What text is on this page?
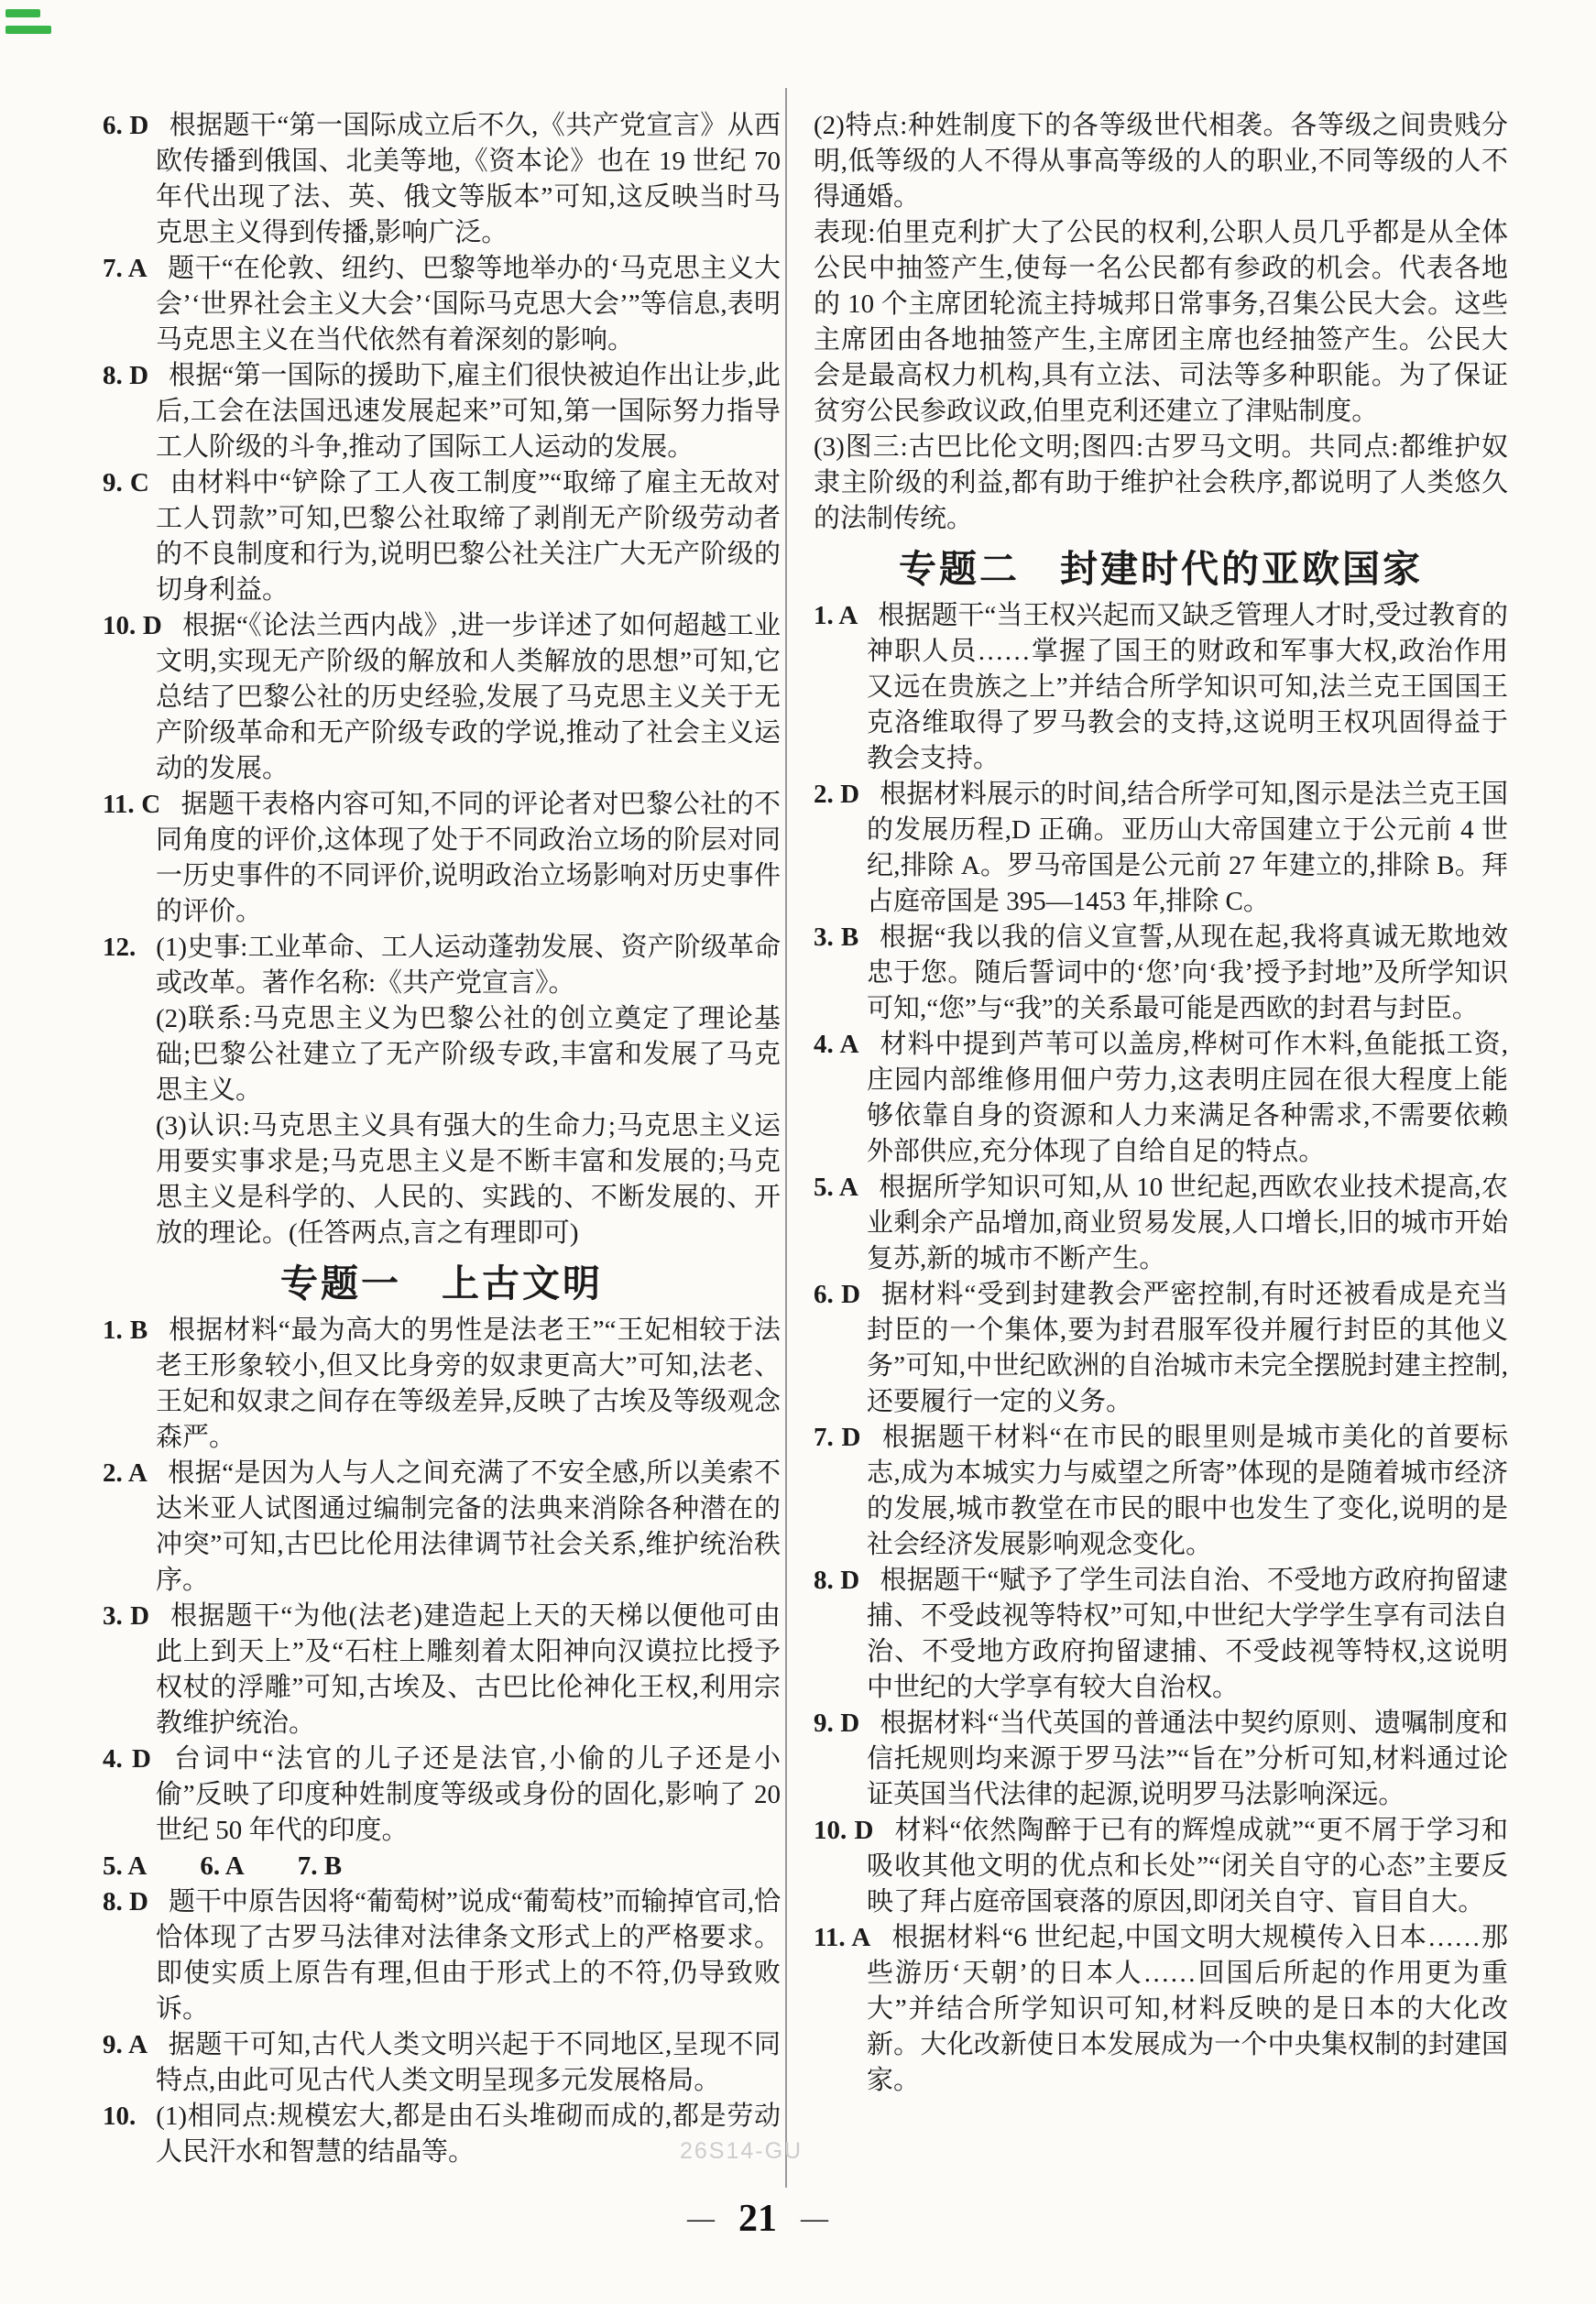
6. D 根据题干“第一国际成立后不久,《共产党宣言》从西欧传播到俄国、北美等地,《资本论》也在 19 世纪 70 年代出现了法、英、俄文等版本”可知,这反映当时马克思主义得到传播,影响广泛。

7. A 题干“在伦敦、纽约、巴黎等地举办的‘马克思主义大会’‘世界社会主义大会’‘国际马克思大会’”等信息,表明马克思主义在当代依然有着深刻的影响。

8. D 根据“第一国际的援助下,雇主们很快被迫作出让步,此后,工会在法国迅速发展起来”可知,第一国际努力指导工人阶级的斗争,推动了国际工人运动的发展。

9. C 由材料中“铲除了工人夜工制度”“取缔了雇主无故对工人罚款”可知,巴黎公社取缔了剥削无产阶级劳动者的不良制度和行为,说明巴黎公社关注广大无产阶级的切身利益。

10. D 根据“《论法兰西内战》,进一步详述了如何超越工业文明,实现无产阶级的解放和人类解放的思想”可知,它总结了巴黎公社的历史经验,发展了马克思主义关于无产阶级革命和无产阶级专政的学说,推动了社会主义运动的发展。

11. C 据题干表格内容可知,不同的评论者对巴黎公社的不同角度的评价,这体现了处于不同政治立场的阶层对同一历史事件的不同评价,说明政治立场影响对历史事件的评价。

12. (1)史事:工业革命、工人运动蓬勃发展、资产阶级革命或改革。著作名称:《共产党宣言》。

(2)联系:马克思主义为巴黎公社的创立奠定了理论基础;巴黎公社建立了无产阶级专政,丰富和发展了马克思主义。

(3)认识:马克思主义具有强大的生命力;马克思主义运用要实事求是;马克思主义是不断丰富和发展的;马克思主义是科学的、人民的、实践的、不断发展的、开放的理论。(任答两点,言之有理即可)

专题一　上古文明

1. B 根据材料“最为高大的男性是法老王”“王妃相较于法老王形象较小,但又比身旁的奴隶更高大”可知,法老、王妃和奴隶之间存在等级差异,反映了古埃及等级观念森严。

2. A 根据“是因为人与人之间充满了不安全感,所以美索不达米亚人试图通过编制完备的法典来消除各种潜在的冲突”可知,古巴比伦用法律调节社会关系,维护统治秩序。

3. D 根据题干“为他(法老)建造起上天的天梯以便他可由此上到天上”及“石柱上雕刻着太阳神向汉谟拉比授予权杖的浮雕”可知,古埃及、古巴比伦神化王权,利用宗教维护统治。

4. D 台词中“法官的儿子还是法官,小偷的儿子还是小偷”反映了印度种姓制度等级或身份的固化,影响了 20 世纪 50 年代的印度。

5. A 6. A 7. B

8. D 题干中原告因将“葡萄树”说成“葡萄枝”而输掉官司,恰恰体现了古罗马法律对法律条文形式上的严格要求。即使实质上原告有理,但由于形式上的不符,仍导致败诉。

9. A 据题干可知,古代人类文明兴起于不同地区,呈现不同特点,由此可见古代人类文明呈现多元发展格局。

10. (1)相同点:规模宏大,都是由石头堆砌而成的,都是劳动人民汗水和智慧的结晶等。

(2)特点:种姓制度下的各等级世代相袭。各等级之间贵贱分明,低等级的人不得从事高等级的人的职业,不同等级的人不得通婚。

表现:伯里克利扩大了公民的权利,公职人员几乎都是从全体公民中抽签产生,使每一名公民都有参政的机会。代表各地的 10 个主席团轮流主持城邦日常事务,召集公民大会。这些主席团由各地抽签产生,主席团主席也经抽签产生。公民大会是最高权力机构,具有立法、司法等多种职能。为了保证贫穷公民参政议政,伯里克利还建立了津贴制度。

(3)图三:古巴比伦文明;图四:古罗马文明。共同点:都维护奴隶主阶级的利益,都有助于维护社会秩序,都说明了人类悠久的法制传统。

专题二　封建时代的亚欧国家

1. A 根据题干“当王权兴起而又缺乏管理人才时,受过教育的神职人员……掌握了国王的财政和军事大权,政治作用又远在贵族之上”并结合所学知识可知,法兰克王国国王克洛维取得了罗马教会的支持,这说明王权巩固得益于教会支持。

2. D 根据材料展示的时间,结合所学可知,图示是法兰克王国的发展历程,D 正确。亚历山大帝国建立于公元前 4 世纪,排除 A。罗马帝国是公元前 27 年建立的,排除 B。拜占庭帝国是 395—1453 年,排除 C。

3. B 根据“我以我的信义宣誓,从现在起,我将真诚无欺地效忠于您。随后誓词中的‘您’向‘我’授予封地”及所学知识可知,“您”与“我”的关系最可能是西欧的封君与封臣。

4. A 材料中提到芦苇可以盖房,桦树可作木料,鱼能抵工资,庄园内部维修用佃户劳力,这表明庄园在很大程度上能够依靠自身的资源和人力来满足各种需求,不需要依赖外部供应,充分体现了自给自足的特点。

5. A 根据所学知识可知,从 10 世纪起,西欧农业技术提高,农业剩余产品增加,商业贸易发展,人口增长,旧的城市开始复苏,新的城市不断产生。

6. D 据材料“受到封建教会严密控制,有时还被看成是充当封臣的一个集体,要为封君服军役并履行封臣的其他义务”可知,中世纪欧洲的自治城市未完全摆脱封建主控制,还要履行一定的义务。

7. D 根据题干材料“在市民的眼里则是城市美化的首要标志,成为本城实力与威望之所寄”体现的是随着城市经济的发展,城市教堂在市民的眼中也发生了变化,说明的是社会经济发展影响观念变化。

8. D 根据题干“赋予了学生司法自治、不受地方政府拘留逮捕、不受歧视等特权”可知,中世纪大学学生享有司法自治、不受地方政府拘留逮捕、不受歧视等特权,这说明中世纪的大学享有较大自治权。

9. D 根据材料“当代英国的普通法中契约原则、遗嘱制度和信托规则均来源于罗马法”“旨在”分析可知,材料通过论证英国当代法律的起源,说明罗马法影响深远。

10. D 材料“依然陶醉于已有的辉煌成就”“更不屑于学习和吸收其他文明的优点和长处”“闭关自守的心态”主要反映了拜占庭帝国衰落的原因,即闭关自守、盲目自大。

11. A 根据材料“6 世纪起,中国文明大规模传入日本……那些游历‘天朝’的日本人……回国后所起的作用更为重大”并结合所学知识可知,材料反映的是日本的大化改新。大化改新使日本发展成为一个中央集权制的封建国家。

26S14-GU
— 21 —
